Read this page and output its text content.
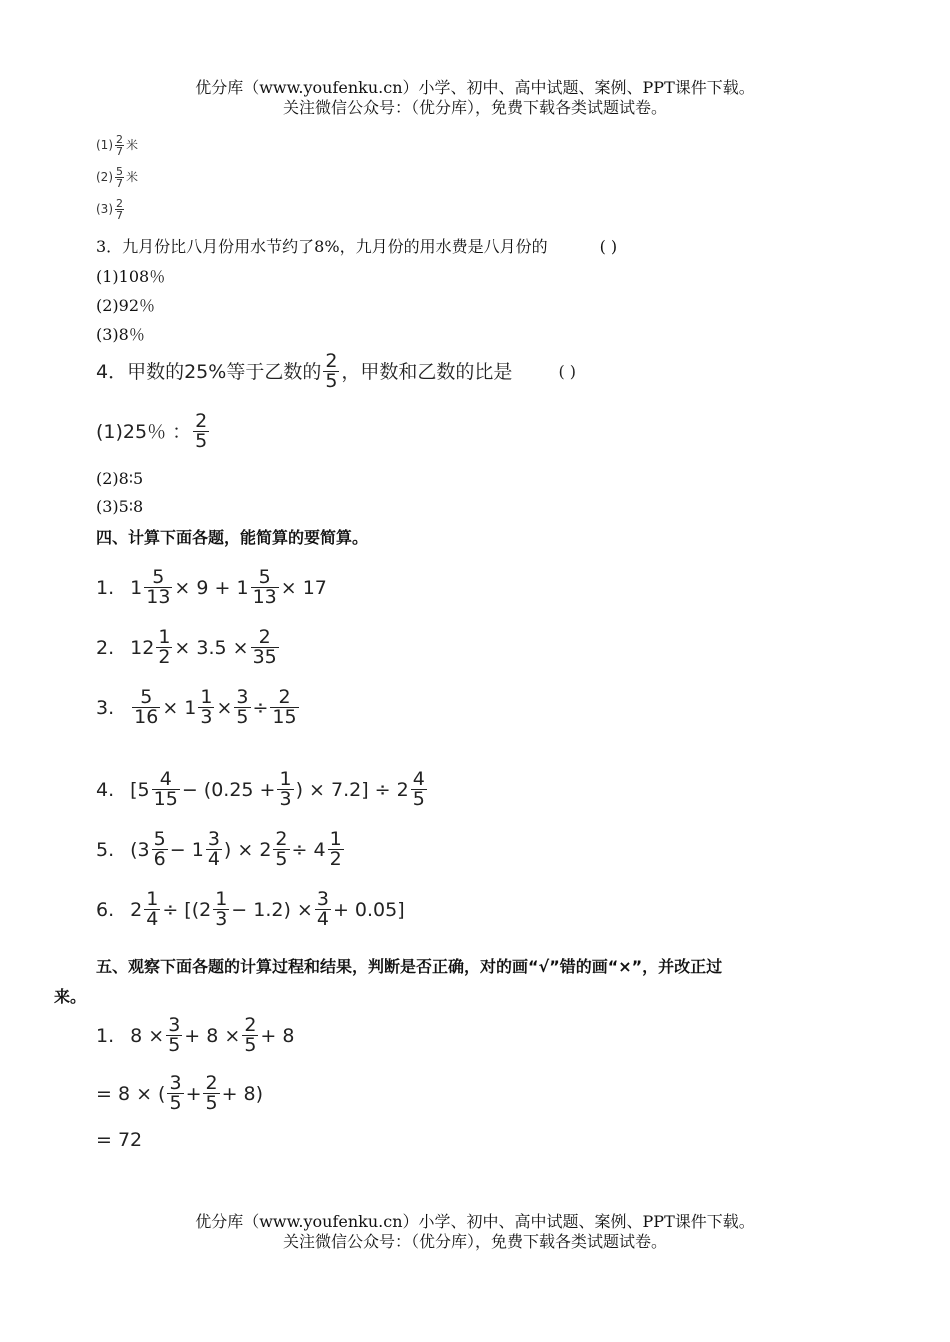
优分库（www.youfenku.cn）小学、初中、高中试题、案例、PPT课件下载。
关注微信公众号：（优分库），免费下载各类试题试卷。
$(1) \frac{2}{7}$ 米
$(2) \frac{5}{7}$ 米
$(3) \frac{2}{7}$
3．九月份比八月份用水节约了8%，九月份的用水费是八月份的	( )
(1)108％
(2)92％
(3)8％
4．甲数的25%等于乙数的 $\frac{2}{5}$ ，甲数和乙数的比是	( )
(1)25％ ： $\frac{2}{5}$
(2)8∶5
(3)5∶8
四、计算下面各题，能简算的要简算。
1. $1 \frac{5}{13} \times 9 + 1 \frac{5}{13} \times 17$
2. $12 \frac{1}{2} \times 3.5 \times \frac{2}{35}$
3. $\frac{5}{16} \times 1 \frac{1}{3} \times \frac{3}{5} \div \frac{2}{15}$
4. [$5 \frac{4}{15} - (0.25 + \frac{1}{3}$ ) × $7.2] \div 2 \frac{4}{5}$
5. ($3 \frac{5}{6} - 1 \frac{3}{4}$ ) × $2 \frac{2}{5} \div 4 \frac{1}{2}$
6. $2 \frac{1}{4} \div [(2 \frac{1}{3} - 1.2) \times \frac{3}{4} + 0.05]$
五、观察下面各题的计算过程和结果，判断是否正确，对的画“√”错的画“×”，并改正过
来。
1. $8 \times \frac{3}{5} + 8 \times \frac{2}{5} + 8$
= 8 × ( $\frac{3}{5} + \frac{2}{5} + 8$)
= 72
优分库（www.youfenku.cn）小学、初中、高中试题、案例、PPT课件下载。
关注微信公众号：（优分库），免费下载各类试题试卷。
